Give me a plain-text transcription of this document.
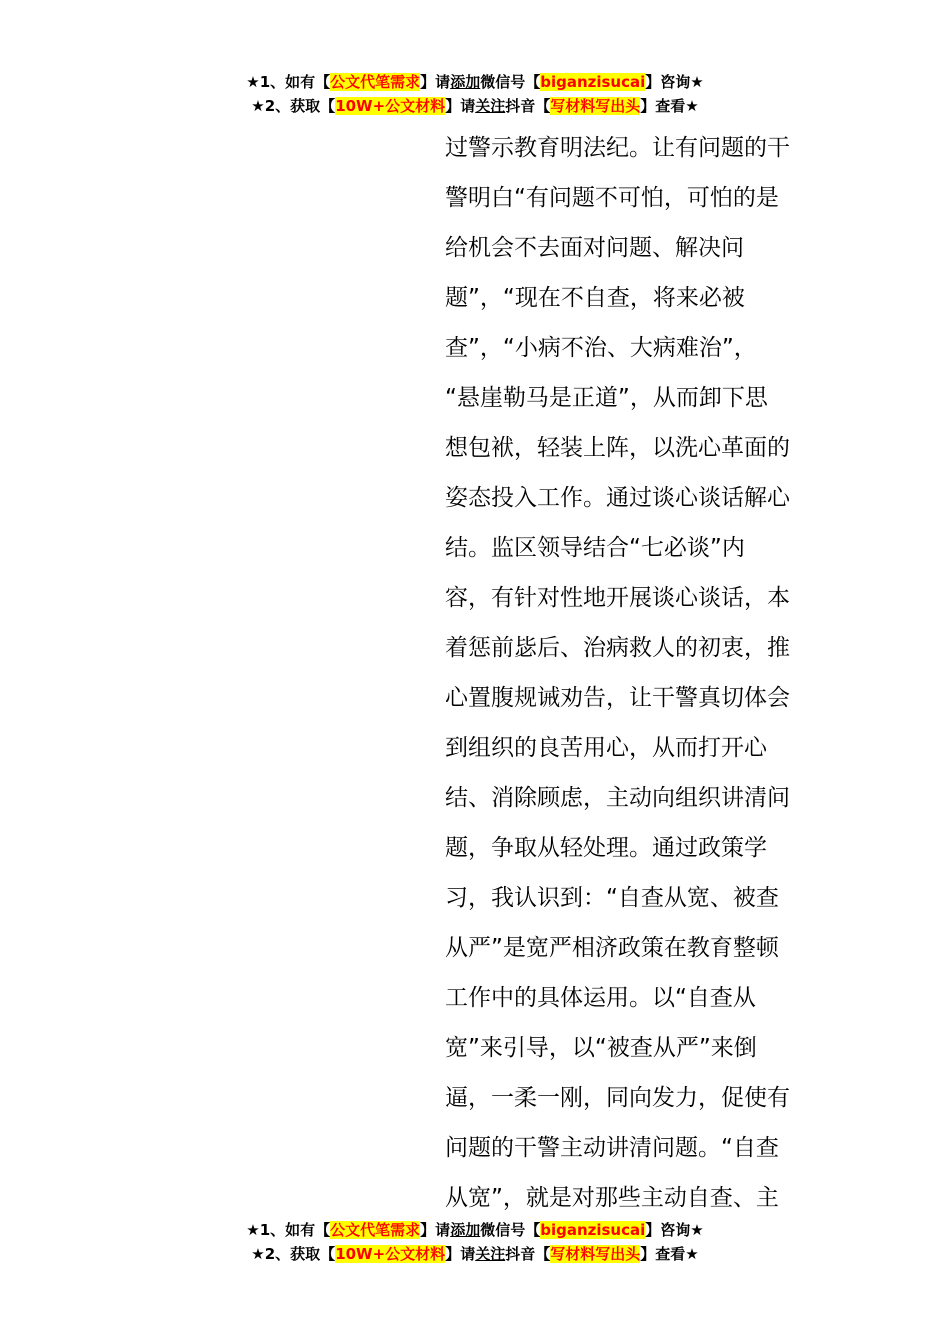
★1、如有【公文代笔需求】请添加微信号【biganzisucai】咨询★
★2、获取【10W+公文材料】请关注抖音【写材料写出头】查看★
过警示教育明法纪。让有问题的干
警明白“有问题不可怕，可怕的是
给机会不去面对问题、解决问
题”，“现在不自查，将来必被
查”，“小病不治、大病难治”，
“悬崖勒马是正道”，从而卸下思
想包袱，轻装上阵，以洗心革面的
姿态投入工作。通过谈心谈话解心
结。监区领导结合“七必谈”内
容，有针对性地开展谈心谈话，本
着惩前毖后、治病救人的初衷，推
心置腹规诫劝告，让干警真切体会
到组织的良苦用心，从而打开心
结、消除顾虑，主动向组织讲清问
题，争取从轻处理。通过政策学
习，我认识到：“自查从宽、被查
从严”是宽严相济政策在教育整顿
工作中的具体运用。以“自查从
宽”来引导，以“被查从严”来倒
逼，一柔一刚，同向发力，促使有
问题的干警主动讲清问题。“自查
从宽”，就是对那些主动自查、主
★1、如有【公文代笔需求】请添加微信号【biganzisucai】咨询★
★2、获取【10W+公文材料】请关注抖音【写材料写出头】查看★
